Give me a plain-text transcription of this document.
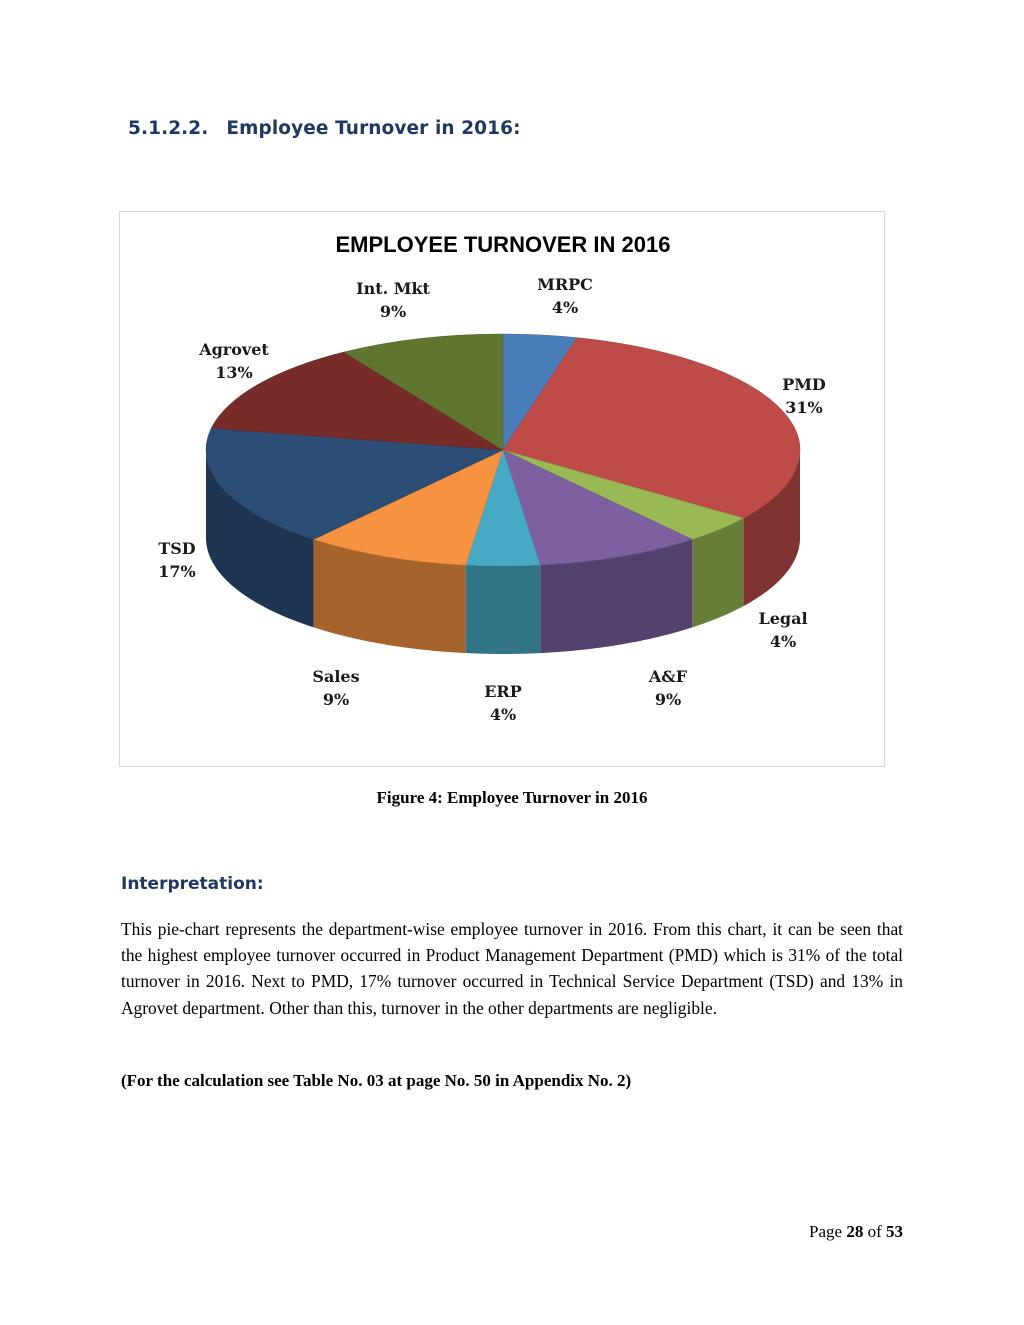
5.1.2.2. Employee Turnover in 2016:
EMPLOYEE TURNOVER IN 2016
MRPC
4%
PMD
31%
Legal
4%
A&F
9%
ERP
4%
Sales
9%
TSD
17%
Agrovet
13%
Int. Mkt
9%
Figure 4: Employee Turnover in 2016
Interpretation:

This pie-chart represents the department-wise employee turnover in 2016. From this chart, it can be seen that the highest employee turnover occurred in Product Management Department (PMD) which is 31% of the total turnover in 2016. Next to PMD, 17% turnover occurred in Technical Service Department (TSD) and 13% in Agrovet department. Other than this, turnover in the other departments are negligible.

(For the calculation see Table No. 03 at page No. 50 in Appendix No. 2)

Page 28 of 53
